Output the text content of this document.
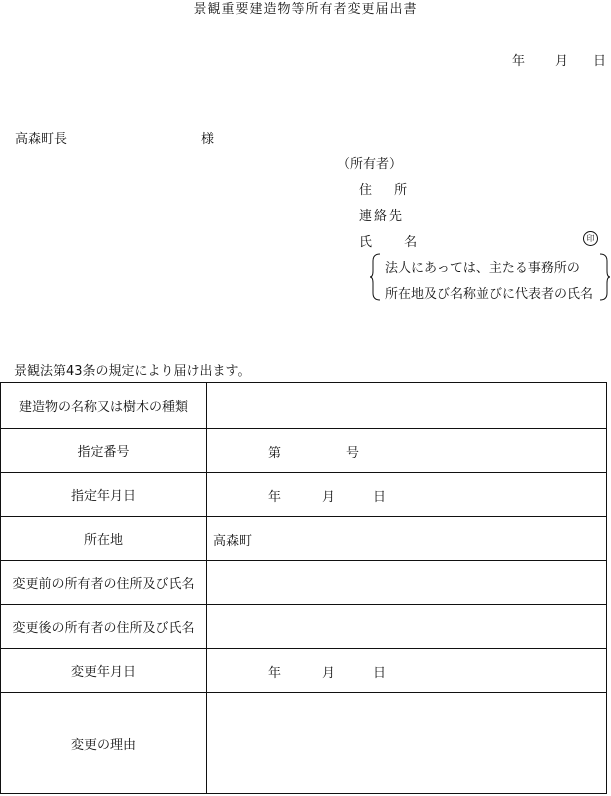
景観重要建造物等所有者変更届出書
年 月 日
高森町長	様
（所有者）
住 所
連絡先
氏 名	印
法人にあっては、主たる事務所の
所在地及び名称並びに代表者の氏名
景観法第43条の規定により届け出ます。
建造物の名称又は樹木の種類	
指定番号	第 号

指定年月日	年 月 日

所在地	高森町

変更前の所有者の住所及び氏名	
変更後の所有者の住所及び氏名	
変更年月日	年 月 日

変更の理由	
